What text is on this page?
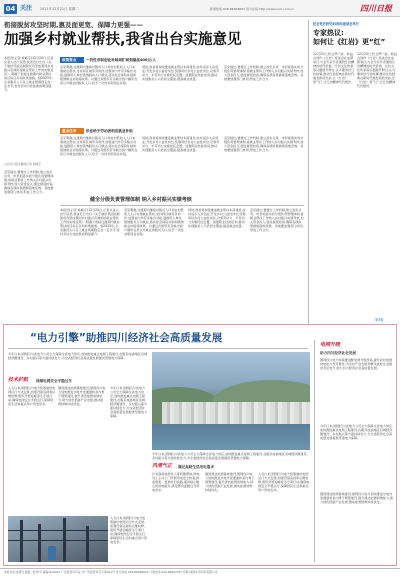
04 关注 2021年12月21日 星期二	新闻热线:028-86968652 四川在线:http://www.scol.com.cn	四川日报
衔接脱贫攻坚时期,惠及面更宽、保障力更强——
加强乡村就业帮扶,我省出台实施意见
本报讯(记者 杨峰宇)12月20日,记者从省人社厅获悉,我省近日出台《关于做好巩固拓展脱贫攻坚成果同乡村振兴有效衔接就业帮扶工作的实施意见》,明确了衔接过渡期内就业帮扶的目标任务和政策措施。到2025年,全省脱贫人口务工就业规模稳定在一定水平,农村劳动力技能素质明显提升。
□四川日报全媒体记者 杨峰宇
政策要点	一次性求职创业补贴面扩面到最高400元/人
意见明确,过渡期内继续对脱贫人口和农村低收入人口实施就业帮扶,支持跨区域劳务协作,加强省内外劳务输出对接,鼓励用人单位吸纳脱贫人口就业,落实社会保险补贴和吸纳就业补贴等政策。对通过有组织劳务输出到户籍所在县以外就业的脱贫人口,给予一次性求职创业补贴。
同时,我省将持续推进就业帮扶车间建设,扶持返乡入乡创业,开发乡村公益性岗位,统筹用好乡村公益性岗位,对弱劳动力、半劳动力实施托底安置。加强职业技能培训,推动实现脱贫人口培训全覆盖,提高就业质量。
意见提出,要健全工作机制,建立省负总责、市县抓落实的分级负责管理体制,将就业帮扶工作纳入乡村振兴实绩考核,加大资金投入,强化督促检查,确保各项政策措施落地见效。各地要加强部门协同,形成工作合力。
重点任务	依法给予劳动者相应就业补贴
意见明确,过渡期内继续对脱贫人口和农村低收入人口实施就业帮扶,支持跨区域劳务协作,加强省内外劳务输出对接,鼓励用人单位吸纳脱贫人口就业,落实社会保险补贴和吸纳就业补贴等政策。对通过有组织劳务输出到户籍所在县以外就业的脱贫人口,给予一次性求职创业补贴。
同时,我省将持续推进就业帮扶车间建设,扶持返乡入乡创业,开发乡村公益性岗位,统筹用好乡村公益性岗位,对弱劳动力、半劳动力实施托底安置。加强职业技能培训,推动实现脱贫人口培训全覆盖,提高就业质量。
意见提出,要健全工作机制,建立省负总责、市县抓落实的分级负责管理体制,将就业帮扶工作纳入乡村振兴实绩考核,加大资金投入,强化督促检查,确保各项政策措施落地见效。各地要加强部门协同,形成工作合力。
意见提出,要健全工作机制,建立省负总责、市县抓落实的分级负责管理体制,将就业帮扶工作纳入乡村振兴实绩考核,加大资金投入,强化督促检查,确保各项政策措施落地见效。各地要加强部门协同,形成工作合力。
健全分级负责管理体制 纳入乡村振兴实绩考核
本报讯(记者 杨峰宇)12月20日,记者从省人社厅获悉,我省近日出台《关于做好巩固拓展脱贫攻坚成果同乡村振兴有效衔接就业帮扶工作的实施意见》,明确了衔接过渡期内就业帮扶的目标任务和政策措施。到2025年,全省脱贫人口务工就业规模稳定在一定水平,农村劳动力技能素质明显提升。
意见明确,过渡期内继续对脱贫人口和农村低收入人口实施就业帮扶,支持跨区域劳务协作,加强省内外劳务输出对接,鼓励用人单位吸纳脱贫人口就业,落实社会保险补贴和吸纳就业补贴等政策。对通过有组织劳务输出到户籍所在县以外就业的脱贫人口,给予一次性求职创业补贴。
同时,我省将持续推进就业帮扶车间建设,扶持返乡入乡创业,开发乡村公益性岗位,统筹用好乡村公益性岗位,对弱劳动力、半劳动力实施托底安置。加强职业技能培训,推动实现脱贫人口培训全覆盖,提高就业质量。
意见提出,要健全工作机制,建立省负总责、市县抓落实的分级负责管理体制,将就业帮扶工作纳入乡村振兴实绩考核,加大资金投入,强化督促检查,确保各项政策措施落地见效。各地要加强部门协同,形成工作合力。
纪念党史研究50周年座谈会举行
专家热议:
如何让《红岩》更“红”
12月20日,纪念罗广斌、杨益言创作《红岩》座谈会在成都举行,与会专家学者围绕红岩精神的时代价值、红色文化传承等议题展开研讨,认为要讲好红岩故事,推动红色经典在新时代焕发新的光彩,让《红岩》更“红”,让红岩精神代代相传。
12月20日,纪念罗广斌、杨益言创作《红岩》座谈会在成都举行,与会专家学者围绕红岩精神的时代价值、红色文化传承等议题展开研讨,认为要讲好红岩故事,推动红色经典在新时代焕发新的光彩,让《红岩》更“红”,让红岩精神代代相传。
第3版
“电力引擎”助推四川经济社会高质量发展
今年以来,国网四川省电力公司全力保障全省电力供应,加快推进重点电网工程建设,在服务成渝地区双城经济圈建设、乡村振兴等方面持续发力,为全省经济社会高质量发展提供坚强电力保障。
技术护航 保障电网安全平稳过冬
入冬以来,国网四川电力统筹做好电网运行方式安排,加强设备巡视和运维检修,组织开展迎峰度冬专项行动,确保电网安全平稳运行,保障居民生活和重点用户用电需求。
围绕清洁能源基地建设,国网四川电力加快推进水电外送通道和省内骨干网架建设,提升清洁能源消纳能力,助力绿色低碳产业发展,推动能源结构持续优化。
今年以来,国网四川省电力公司全力保障全省电力供应,加快推进重点电网工程建设,在服务成渝地区双城经济圈建设、乡村振兴等方面持续发力,为全省经济社会高质量发展提供坚强电力保障。
风清气正 满足高龄生活用电需求
针对高龄独居老人等特殊群体,供电员工主动上门开展用电安全检查,排查隐患、更换老旧线路,提供贴心暖心的供电服务,满足群众温暖过冬用电需求。
围绕清洁能源基地建设,国网四川电力加快推进水电外送通道和省内骨干网架建设,提升清洁能源消纳能力,助力绿色低碳产业发展,推动能源结构持续优化。
入冬以来,国网四川电力统筹做好电网运行方式安排,加强设备巡视和运维检修,组织开展迎峰度冬专项行动,确保电网安全平稳运行,保障居民生活和重点用户用电需求。
今年以来,国网四川省电力公司全力保障全省电力供应,加快推进重点电网工程建设,在服务成渝地区双城经济圈建设、乡村振兴等方面持续发力,为全省经济社会高质量发展提供坚强电力保障。
入冬以来,国网四川电力统筹做好电网运行方式安排,加强设备巡视和运维检修,组织开展迎峰度冬专项行动,确保电网安全平稳运行,保障居民生活和重点用户用电需求。
电网升级
助力四川经济社会发展
国网四川电力持续推进配电网升级改造,提升农村电网供电能力和可靠性,为乡村产业发展和群众美好生活提供充足电力,助力四川经济社会高质量发展。
今年以来,国网四川省电力公司全力保障全省电力供应,加快推进重点电网工程建设,在服务成渝地区双城经济圈建设、乡村振兴等方面持续发力,为全省经济社会高质量发展提供坚强电力保障。
围绕清洁能源基地建设,国网四川电力加快推进水电外送通道和省内骨干网架建设,提升清洁能源消纳能力,助力绿色低碳产业发展,推动能源结构持续优化。
本报社址:成都红星路二段70号 邮编:610012 广告经营许可证:川广告经营许可字第001号 发行热线:028-86968652 订阅热线:028-86963333 印刷:成都中迅印务有限公司
